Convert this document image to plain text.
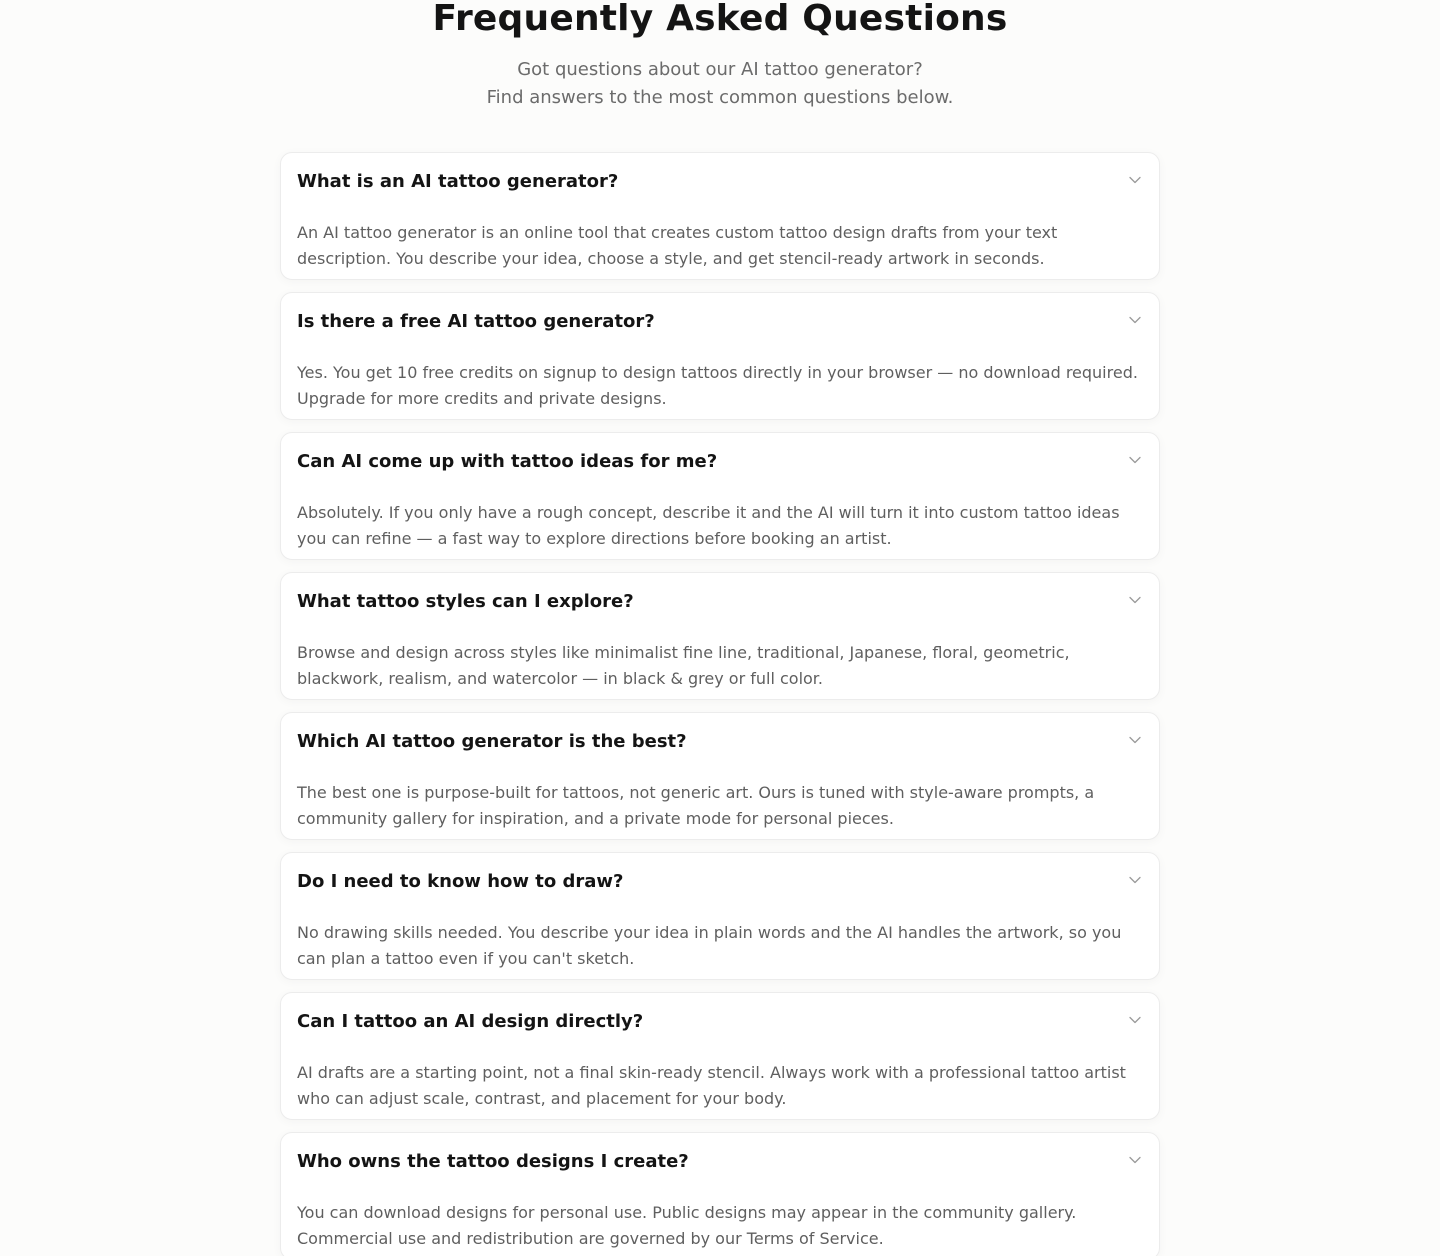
Frequently Asked Questions
Got questions about our AI tattoo generator?
Find answers to the most common questions below.
What is an AI tattoo generator?
An AI tattoo generator is an online tool that creates custom tattoo design drafts from your text description. You describe your idea, choose a style, and get stencil-ready artwork in seconds.
Is there a free AI tattoo generator?
Yes. You get 10 free credits on signup to design tattoos directly in your browser — no download required. Upgrade for more credits and private designs.
Can AI come up with tattoo ideas for me?
Absolutely. If you only have a rough concept, describe it and the AI will turn it into custom tattoo ideas you can refine — a fast way to explore directions before booking an artist.
What tattoo styles can I explore?
Browse and design across styles like minimalist fine line, traditional, Japanese, floral, geometric, blackwork, realism, and watercolor — in black & grey or full color.
Which AI tattoo generator is the best?
The best one is purpose-built for tattoos, not generic art. Ours is tuned with style-aware prompts, a community gallery for inspiration, and a private mode for personal pieces.
Do I need to know how to draw?
No drawing skills needed. You describe your idea in plain words and the AI handles the artwork, so you can plan a tattoo even if you can't sketch.
Can I tattoo an AI design directly?
AI drafts are a starting point, not a final skin-ready stencil. Always work with a professional tattoo artist who can adjust scale, contrast, and placement for your body.
Who owns the tattoo designs I create?
You can download designs for personal use. Public designs may appear in the community gallery. Commercial use and redistribution are governed by our Terms of Service.
